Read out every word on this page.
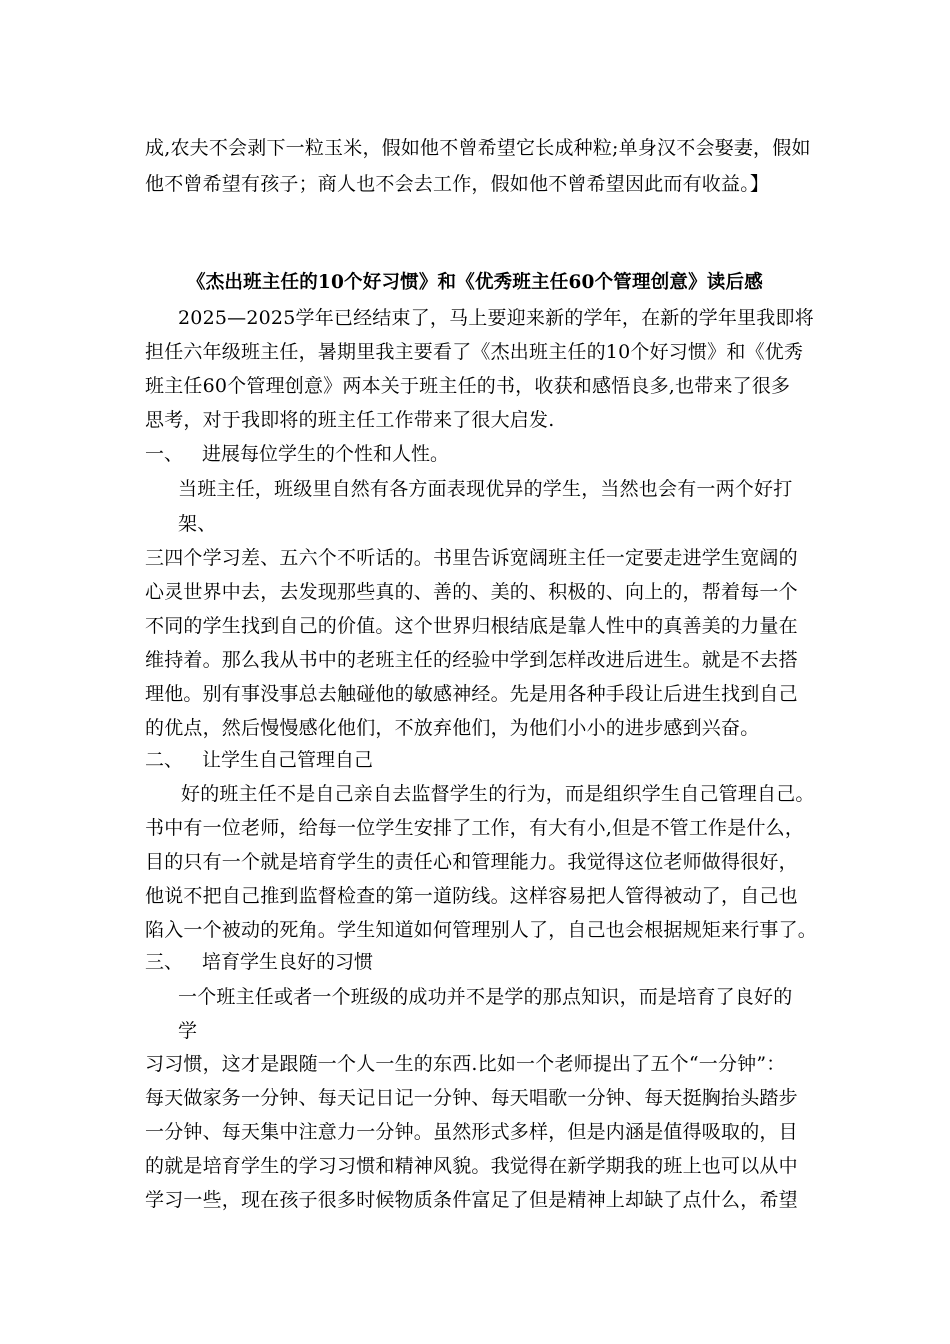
成,农夫不会剥下一粒玉米，假如他不曾希望它长成种粒;单身汉不会娶妻，假如
他不曾希望有孩子；商人也不会去工作，假如他不曾希望因此而有收益。】
《杰出班主任的10个好习惯》和《优秀班主任60个管理创意》读后感
2025—2025学年已经结束了，马上要迎来新的学年，在新的学年里我即将
担任六年级班主任，暑期里我主要看了《杰出班主任的10个好习惯》和《优秀
班主任60个管理创意》两本关于班主任的书，收获和感悟良多,也带来了很多
思考，对于我即将的班主任工作带来了很大启发.
一、 进展每位学生的个性和人性。
当班主任，班级里自然有各方面表现优异的学生，当然也会有一两个好打
架、
三四个学习差、五六个不听话的。书里告诉宽阔班主任一定要走进学生宽阔的
心灵世界中去，去发现那些真的、善的、美的、积极的、向上的，帮着每一个
不同的学生找到自己的价值。这个世界归根结底是靠人性中的真善美的力量在
维持着。那么我从书中的老班主任的经验中学到怎样改进后进生。就是不去搭
理他。别有事没事总去触碰他的敏感神经。先是用各种手段让后进生找到自己
的优点，然后慢慢感化他们，不放弃他们，为他们小小的进步感到兴奋。
二、 让学生自己管理自己
好的班主任不是自己亲自去监督学生的行为，而是组织学生自己管理自己。
书中有一位老师，给每一位学生安排了工作，有大有小,但是不管工作是什么，
目的只有一个就是培育学生的责任心和管理能力。我觉得这位老师做得很好，
他说不把自己推到监督检查的第一道防线。这样容易把人管得被动了，自己也
陷入一个被动的死角。学生知道如何管理别人了，自己也会根据规矩来行事了。
三、 培育学生良好的习惯
一个班主任或者一个班级的成功并不是学的那点知识，而是培育了良好的
学
习习惯，这才是跟随一个人一生的东西.比如一个老师提出了五个“一分钟”：
每天做家务一分钟、每天记日记一分钟、每天唱歌一分钟、每天挺胸抬头踏步
一分钟、每天集中注意力一分钟。虽然形式多样，但是内涵是值得吸取的，目
的就是培育学生的学习习惯和精神风貌。我觉得在新学期我的班上也可以从中
学习一些，现在孩子很多时候物质条件富足了但是精神上却缺了点什么，希望
